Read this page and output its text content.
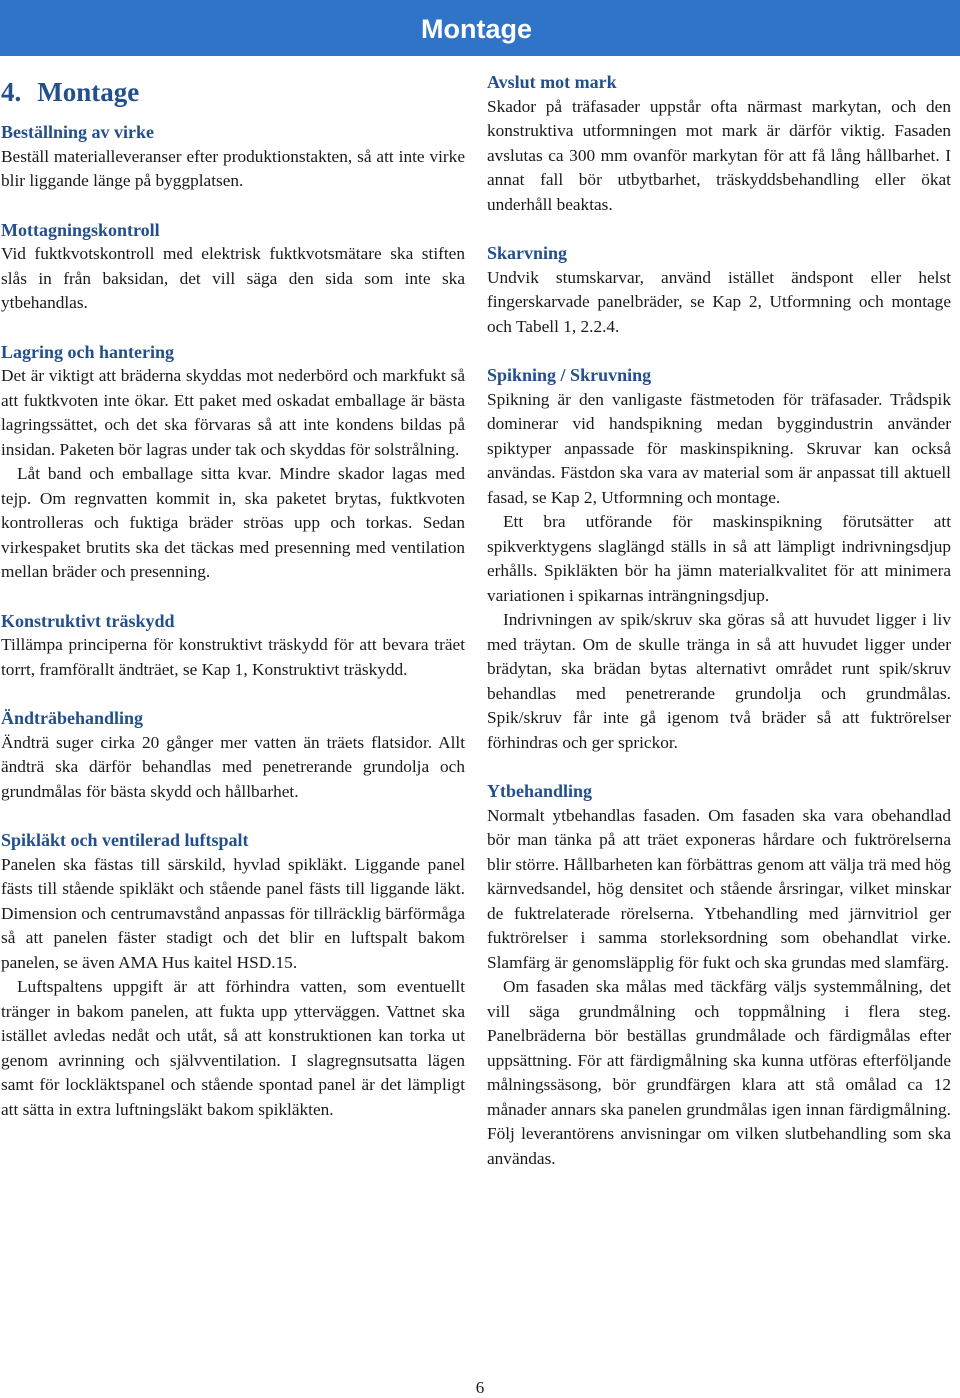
Montage
4. Montage
Beställning av virke

Beställ materialleveranser efter produktionstakten, så att inte virke blir liggande länge på byggplatsen.

Mottagningskontroll

Vid fuktkvotskontroll med elektrisk fuktkvotsmätare ska stiften slås in från baksidan, det vill säga den sida som inte ska ytbehandlas.

Lagring och hantering

Det är viktigt att bräderna skyddas mot nederbörd och markfukt så att fuktkvoten inte ökar. Ett paket med oskadat emballage är bästa lagringssättet, och det ska förvaras så att inte kondens bildas på insidan. Paketen bör lagras under tak och skyddas för solstrålning.

Låt band och emballage sitta kvar. Mindre skador lagas med tejp. Om regnvatten kommit in, ska paketet brytas, fuktkvoten kontrolleras och fuktiga bräder ströas upp och torkas. Sedan virkespaket brutits ska det täckas med presenning med ventilation mellan bräder och presenning.

Konstruktivt träskydd

Tillämpa principerna för konstruktivt träskydd för att bevara träet torrt, framförallt ändträet, se Kap 1, Konstruktivt träskydd.

Ändträbehandling

Ändträ suger cirka 20 gånger mer vatten än träets flatsidor. Allt ändträ ska därför behandlas med penetrerande grundolja och grundmålas för bästa skydd och hållbarhet.

Spikläkt och ventilerad luftspalt

Panelen ska fästas till särskild, hyvlad spikläkt. Liggande panel fästs till stående spikläkt och stående panel fästs till liggande läkt. Dimension och centrumavstånd anpassas för tillräcklig bärförmåga så att panelen fäster stadigt och det blir en luftspalt bakom panelen, se även AMA Hus kaitel HSD.15.

Luftspaltens uppgift är att förhindra vatten, som eventuellt tränger in bakom panelen, att fukta upp ytterväggen. Vattnet ska istället avledas nedåt och utåt, så att konstruktionen kan torka ut genom avrinning och självventilation. I slagregnsutsatta lägen samt för lockläktspanel och stående spontad panel är det lämpligt att sätta in extra luftningsläkt bakom spikläkten.

Avslut mot mark

Skador på träfasader uppstår ofta närmast markytan, och den konstruktiva utformningen mot mark är därför viktig. Fasaden avslutas ca 300 mm ovanför markytan för att få lång hållbarhet. I annat fall bör utbytbarhet, träskyddsbehandling eller ökat underhåll beaktas.

Skarvning

Undvik stumskarvar, använd istället ändspont eller helst fingerskarvade panelbräder, se Kap 2, Utformning och montage och Tabell 1, 2.2.4.

Spikning / Skruvning

Spikning är den vanligaste fästmetoden för träfasader. Trådspik dominerar vid handspikning medan byggindustrin använder spiktyper anpassade för maskinspikning. Skruvar kan också användas. Fästdon ska vara av material som är anpassat till aktuell fasad, se Kap 2, Utformning och montage.

Ett bra utförande för maskinspikning förutsätter att spikverktygens slaglängd ställs in så att lämpligt indrivningsdjup erhålls. Spikläkten bör ha jämn materialkvalitet för att minimera variationen i spikarnas inträngningsdjup.

Indrivningen av spik/skruv ska göras så att huvudet ligger i liv med träytan. Om de skulle tränga in så att huvudet ligger under brädytan, ska brädan bytas alternativt området runt spik/skruv behandlas med penetrerande grundolja och grundmålas. Spik/skruv får inte gå igenom två bräder så att fuktrörelser förhindras och ger sprickor.

Ytbehandling

Normalt ytbehandlas fasaden. Om fasaden ska vara obehandlad bör man tänka på att träet exponeras hårdare och fuktrörelserna blir större. Hållbarheten kan förbättras genom att välja trä med hög kärnvedsandel, hög densitet och stående årsringar, vilket minskar de fuktrelaterade rörelserna. Ytbehandling med järnvitriol ger fuktrörelser i samma storleksordning som obehandlat virke. Slamfärg är genomsläpplig för fukt och ska grundas med slamfärg.

Om fasaden ska målas med täckfärg väljs systemmålning, det vill säga grundmålning och toppmålning i flera steg. Panelbräderna bör beställas grundmålade och färdigmålas efter uppsättning. För att färdigmålning ska kunna utföras efterföljande målningssäsong, bör grundfärgen klara att stå omålad ca 12 månader annars ska panelen grundmålas igen innan färdigmålning. Följ leverantörens anvisningar om vilken slutbehandling som ska användas.

6
